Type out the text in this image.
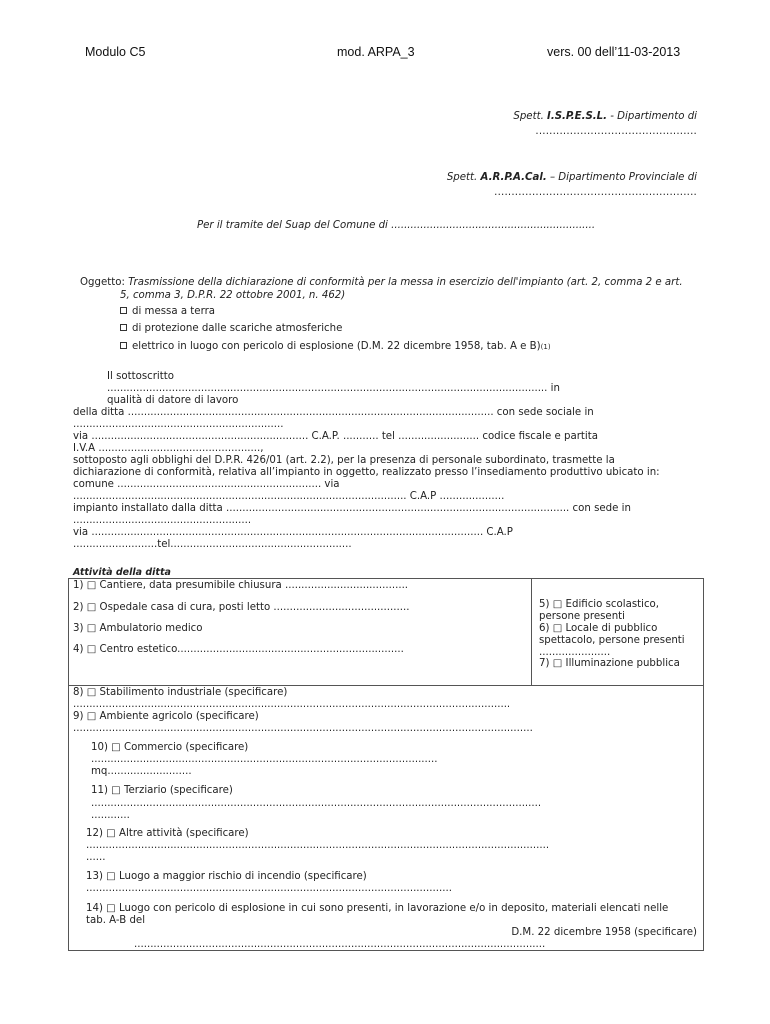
Modulo C5	mod. ARPA_3	vers. 00 dell’11-03-2013
Spett. I.S.P.E.S.L. - Dipartimento di
...............................................
Spett. A.R.P.A.Cal. – Dipartimento Provinciale di
...........................................................
Per il tramite del Suap del Comune di ...............................................................
Oggetto: Trasmissione della dichiarazione di conformità per la messa in esercizio dell'impianto (art. 2, comma 2 e art.
5, comma 3, D.P.R. 22 ottobre 2001, n. 462)
di messa a terra
di protezione dalle scariche atmosferiche
elettrico in luogo con pericolo di esplosione (D.M. 22 dicembre 1958, tab. A e B)(1)
Il sottoscritto
........................................................................................................................................ in
qualità di datore di lavoro
della ditta ................................................................................................................. con sede sociale in
.................................................................
via ................................................................... C.A.P. ........... tel ......................... codice fiscale e partita
I.V.A ..................................................,
sottoposto agli obblighi del D.P.R. 426/01 (art. 2.2), per la presenza di personale subordinato, trasmette la
dichiarazione di conformità, relativa all’impianto in oggetto, realizzato presso l’insediamento produttivo ubicato in:
comune ............................................................... via
....................................................................................................... C.A.P ....................
impianto installato dalla ditta .......................................................................................................... con sede in
.......................................................
via ......................................................................................................................... C.A.P
..........................tel........................................................
Attività della ditta
1) □ Cantiere, data presumibile chiusura ......................................
2) □ Ospedale casa di cura, posti letto ..........................................
3) □ Ambulatorio medico
4) □ Centro estetico......................................................................
5) □ Edificio scolastico,
persone presenti
6) □ Locale di pubblico
spettacolo, persone presenti
......................
7) □ Illuminazione pubblica
8) □ Stabilimento industriale (specificare)
.......................................................................................................................................
9) □ Ambiente agricolo (specificare)
..............................................................................................................................................
10) □ Commercio (specificare)
...........................................................................................................
mq..........................
11) □ Terziario (specificare)
...........................................................................................................................................
............
12) □ Altre attività (specificare)
...............................................................................................................................................
......
13) □ Luogo a maggior rischio di incendio (specificare)
.................................................................................................................
14) □ Luogo con pericolo di esplosione in cui sono presenti, in lavorazione e/o in deposito, materiali elencati nelle
tab. A-B del
D.M. 22 dicembre 1958 (specificare)
...............................................................................................................................
